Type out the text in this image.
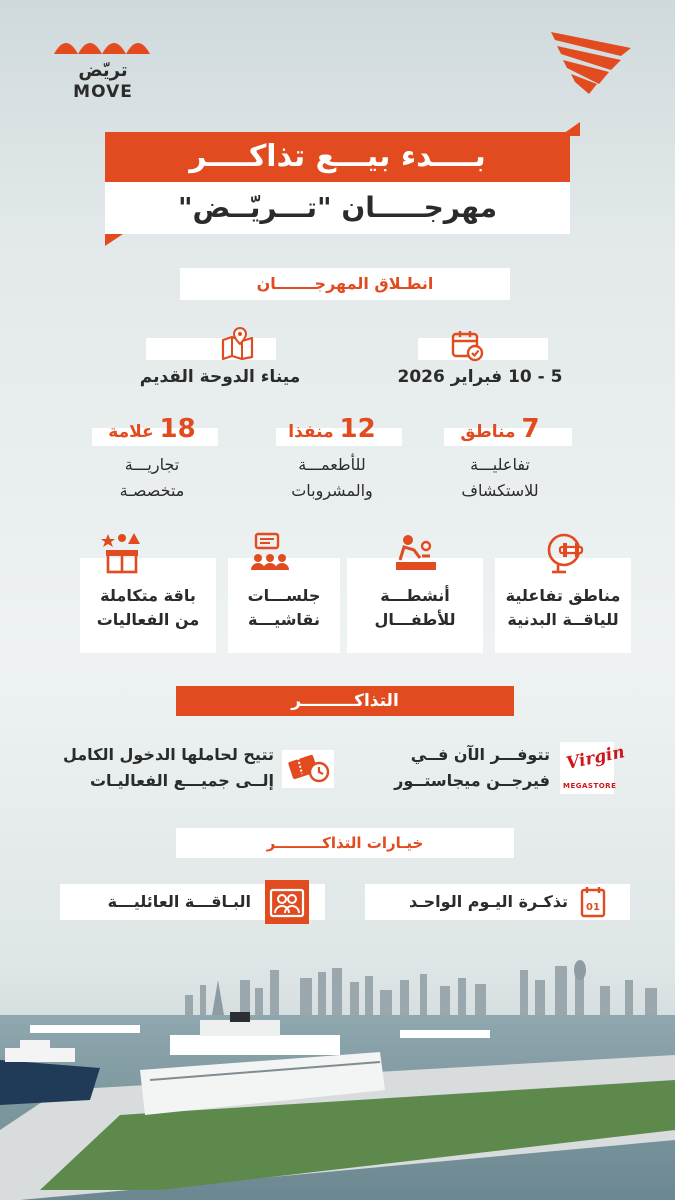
تريّض
MOVE
بــــدء بيـــع تذاكــــر
مهرجـــــان "تـــريّــض"
انطـلاق المهرجـــــــان
5 - 10 فبراير 2026
ميناء الدوحة القديم
7 مناطق
تفاعليـــة
للاستكشاف
12 منفذا
للأطعمـــة
والمشروبات
18 علامة
تجاريـــة
متخصصـة
مناطق تفاعلية
للياقــة البدنية
أنشطـــة
للأطفـــال
جلســـات
نقاشيـــة
باقة متكاملة
من الفعاليات
التذاكـــــــــر
Virgin
MEGASTORE
تتوفـــر الآن فــي
فيرجــن ميجاستــور
تتيح لحاملها الدخول الكامل
إلــى جميـــع الفعاليـات
خيـارات التذاكـــــــــر
تذكـرة اليـوم الواحـد 01
البـاقـــة العائليـــة
